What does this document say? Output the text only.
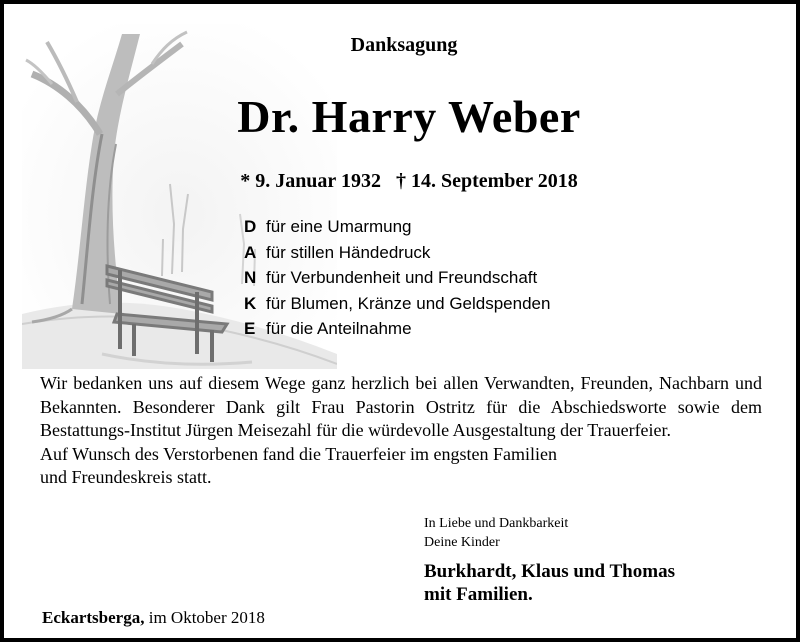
Danksagung
Dr. Harry Weber
* 9. Januar 1932 † 14. September 2018
D für eine Umarmung
A für stillen Händedruck
N für Verbundenheit und Freundschaft
K für Blumen, Kränze und Geldspenden
E für die Anteilnahme
Wir bedanken uns auf diesem Wege ganz herzlich bei allen Verwandten, Freunden, Nachbarn und Bekannten. Besonderer Dank gilt Frau Pastorin Ostritz für die Abschiedsworte sowie dem Bestattungs-Institut Jürgen Meisezahl für die würdevolle Ausgestaltung der Trauerfeier.
Auf Wunsch des Verstorbenen fand die Trauerfeier im engsten Familien
und Freundeskreis statt.
In Liebe und Dankbarkeit
Deine Kinder
Burkhardt, Klaus und Thomas
mit Familien.
Eckartsberga, im Oktober 2018
